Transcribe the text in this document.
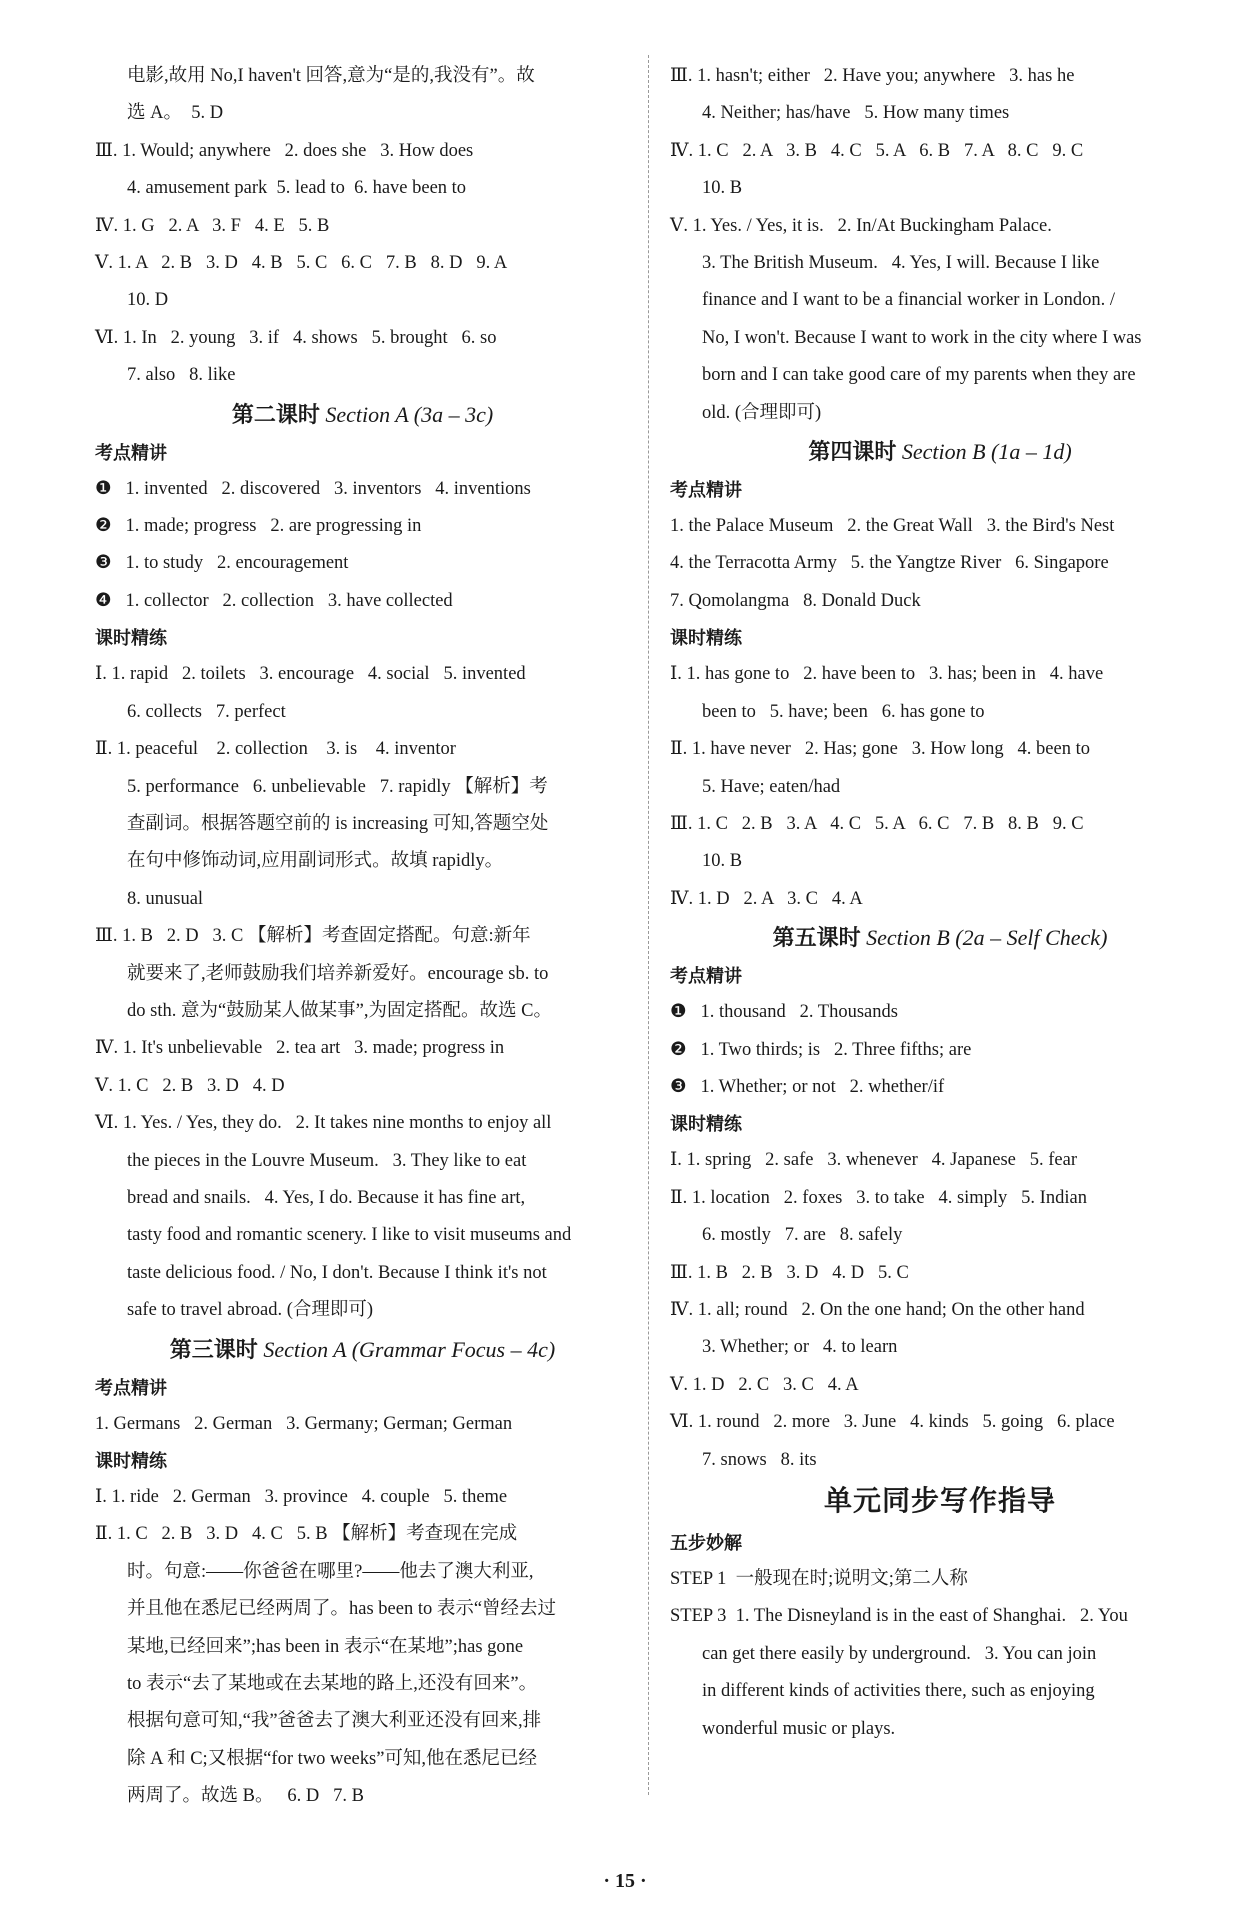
电影,故用 No,I haven't 回答,意为“是的,我没有”。故
选 A。  5. D
Ⅲ. 1. Would; anywhere   2. does she   3. How does
4. amusement park  5. lead to  6. have been to
Ⅳ. 1. G   2. A   3. F   4. E   5. B
Ⅴ. 1. A   2. B   3. D   4. B   5. C   6. C   7. B   8. D   9. A
10. D
Ⅵ. 1. In   2. young   3. if   4. shows   5. brought   6. so
7. also   8. like
第二课时 Section A (3a – 3c)
考点精讲
❶   1. invented   2. discovered   3. inventors   4. inventions
❷   1. made; progress   2. are progressing in
❸   1. to study   2. encouragement
❹   1. collector   2. collection   3. have collected
课时精练
Ⅰ. 1. rapid   2. toilets   3. encourage   4. social   5. invented
6. collects   7. perfect
Ⅱ. 1. peaceful    2. collection    3. is    4. inventor
5. performance   6. unbelievable   7. rapidly 【解析】考
查副词。根据答题空前的 is increasing 可知,答题空处
在句中修饰动词,应用副词形式。故填 rapidly。
8. unusual
Ⅲ. 1. B   2. D   3. C 【解析】考查固定搭配。句意:新年
就要来了,老师鼓励我们培养新爱好。encourage sb. to
do sth. 意为“鼓励某人做某事”,为固定搭配。故选 C。
Ⅳ. 1. It's unbelievable   2. tea art   3. made; progress in
Ⅴ. 1. C   2. B   3. D   4. D
Ⅵ. 1. Yes. / Yes, they do.   2. It takes nine months to enjoy all
the pieces in the Louvre Museum.   3. They like to eat
bread and snails.   4. Yes, I do. Because it has fine art,
tasty food and romantic scenery. I like to visit museums and
taste delicious food. / No, I don't. Because I think it's not
safe to travel abroad. (合理即可)
第三课时 Section A (Grammar Focus – 4c)
考点精讲
1. Germans   2. German   3. Germany; German; German
课时精练
Ⅰ. 1. ride   2. German   3. province   4. couple   5. theme
Ⅱ. 1. C   2. B   3. D   4. C   5. B 【解析】考查现在完成
时。句意:——你爸爸在哪里?——他去了澳大利亚,
并且他在悉尼已经两周了。has been to 表示“曾经去过
某地,已经回来”;has been in 表示“在某地”;has gone
to 表示“去了某地或在去某地的路上,还没有回来”。
根据句意可知,“我”爸爸去了澳大利亚还没有回来,排
除 A 和 C;又根据“for two weeks”可知,他在悉尼已经
两周了。故选 B。   6. D   7. B
Ⅲ. 1. hasn't; either   2. Have you; anywhere   3. has he
4. Neither; has/have   5. How many times
Ⅳ. 1. C   2. A   3. B   4. C   5. A   6. B   7. A   8. C   9. C
10. B
Ⅴ. 1. Yes. / Yes, it is.   2. In/At Buckingham Palace.
3. The British Museum.   4. Yes, I will. Because I like
finance and I want to be a financial worker in London. /
No, I won't. Because I want to work in the city where I was
born and I can take good care of my parents when they are
old. (合理即可)
第四课时 Section B (1a – 1d)
考点精讲
1. the Palace Museum   2. the Great Wall   3. the Bird's Nest
4. the Terracotta Army   5. the Yangtze River   6. Singapore
7. Qomolangma   8. Donald Duck
课时精练
Ⅰ. 1. has gone to   2. have been to   3. has; been in   4. have
been to   5. have; been   6. has gone to
Ⅱ. 1. have never   2. Has; gone   3. How long   4. been to
5. Have; eaten/had
Ⅲ. 1. C   2. B   3. A   4. C   5. A   6. C   7. B   8. B   9. C
10. B
Ⅳ. 1. D   2. A   3. C   4. A
第五课时 Section B (2a – Self Check)
考点精讲
❶   1. thousand   2. Thousands
❷   1. Two thirds; is   2. Three fifths; are
❸   1. Whether; or not   2. whether/if
课时精练
Ⅰ. 1. spring   2. safe   3. whenever   4. Japanese   5. fear
Ⅱ. 1. location   2. foxes   3. to take   4. simply   5. Indian
6. mostly   7. are   8. safely
Ⅲ. 1. B   2. B   3. D   4. D   5. C
Ⅳ. 1. all; round   2. On the one hand; On the other hand
3. Whether; or   4. to learn
Ⅴ. 1. D   2. C   3. C   4. A
Ⅵ. 1. round   2. more   3. June   4. kinds   5. going   6. place
7. snows   8. its
单元同步写作指导
五步妙解
STEP 1  一般现在时;说明文;第二人称
STEP 3  1. The Disneyland is in the east of Shanghai.   2. You
can get there easily by underground.   3. You can join
in different kinds of activities there, such as enjoying
wonderful music or plays.
· 15 ·
